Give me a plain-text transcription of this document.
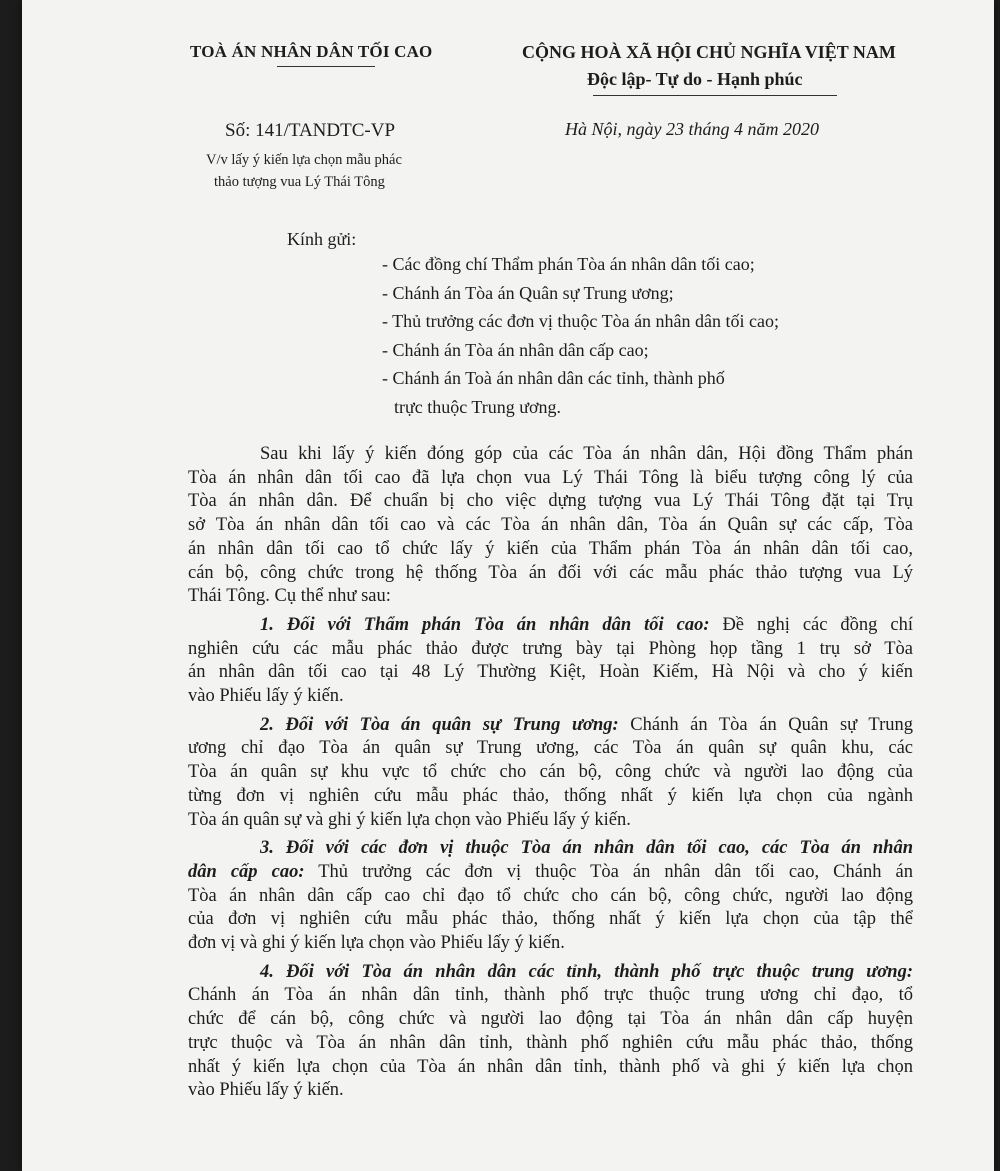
TOÀ ÁN NHÂN DÂN TỐI CAO	CỘNG HOÀ XÃ HỘI CHỦ NGHĨA VIỆT NAM
Độc lập- Tự do - Hạnh phúc
Số: 141/TANDTC-VP
V/v lấy ý kiến lựa chọn mẫu phác
thảo tượng vua Lý Thái Tông
Hà Nội, ngày 23 tháng 4 năm 2020
Kính gửi:
- Các đồng chí Thẩm phán Tòa án nhân dân tối cao;
- Chánh án Tòa án Quân sự Trung ương;
- Thủ trưởng các đơn vị thuộc Tòa án nhân dân tối cao;
- Chánh án Tòa án nhân dân cấp cao;
- Chánh án Toà án nhân dân các tỉnh, thành phố
trực thuộc Trung ương.

Sau khi lấy ý kiến đóng góp của các Tòa án nhân dân, Hội đồng Thẩm phán
Tòa án nhân dân tối cao đã lựa chọn vua Lý Thái Tông là biểu tượng công lý của
Tòa án nhân dân. Để chuẩn bị cho việc dựng tượng vua Lý Thái Tông đặt tại Trụ
sở Tòa án nhân dân tối cao và các Tòa án nhân dân, Tòa án Quân sự các cấp, Tòa
án nhân dân tối cao tổ chức lấy ý kiến của Thẩm phán Tòa án nhân dân tối cao,
cán bộ, công chức trong hệ thống Tòa án đối với các mẫu phác thảo tượng vua Lý
Thái Tông. Cụ thể như sau:

1. Đối với Thẩm phán Tòa án nhân dân tối cao: Đề nghị các đồng chí
nghiên cứu các mẫu phác thảo được trưng bày tại Phòng họp tầng 1 trụ sở Tòa
án nhân dân tối cao tại 48 Lý Thường Kiệt, Hoàn Kiếm, Hà Nội và cho ý kiến
vào Phiếu lấy ý kiến.

2. Đối với Tòa án quân sự Trung ương: Chánh án Tòa án Quân sự Trung
ương chỉ đạo Tòa án quân sự Trung ương, các Tòa án quân sự quân khu, các
Tòa án quân sự khu vực tổ chức cho cán bộ, công chức và người lao động của
từng đơn vị nghiên cứu mẫu phác thảo, thống nhất ý kiến lựa chọn của ngành
Tòa án quân sự và ghi ý kiến lựa chọn vào Phiếu lấy ý kiến.

3. Đối với các đơn vị thuộc Tòa án nhân dân tối cao, các Tòa án nhân
dân cấp cao: Thủ trưởng các đơn vị thuộc Tòa án nhân dân tối cao, Chánh án
Tòa án nhân dân cấp cao chỉ đạo tổ chức cho cán bộ, công chức, người lao động
của đơn vị nghiên cứu mẫu phác thảo, thống nhất ý kiến lựa chọn của tập thể
đơn vị và ghi ý kiến lựa chọn vào Phiếu lấy ý kiến.

4. Đối với Tòa án nhân dân các tỉnh, thành phố trực thuộc trung ương:
Chánh án Tòa án nhân dân tỉnh, thành phố trực thuộc trung ương chỉ đạo, tổ
chức để cán bộ, công chức và người lao động tại Tòa án nhân dân cấp huyện
trực thuộc và Tòa án nhân dân tỉnh, thành phố nghiên cứu mẫu phác thảo, thống
nhất ý kiến lựa chọn của Tòa án nhân dân tỉnh, thành phố và ghi ý kiến lựa chọn
vào Phiếu lấy ý kiến.
